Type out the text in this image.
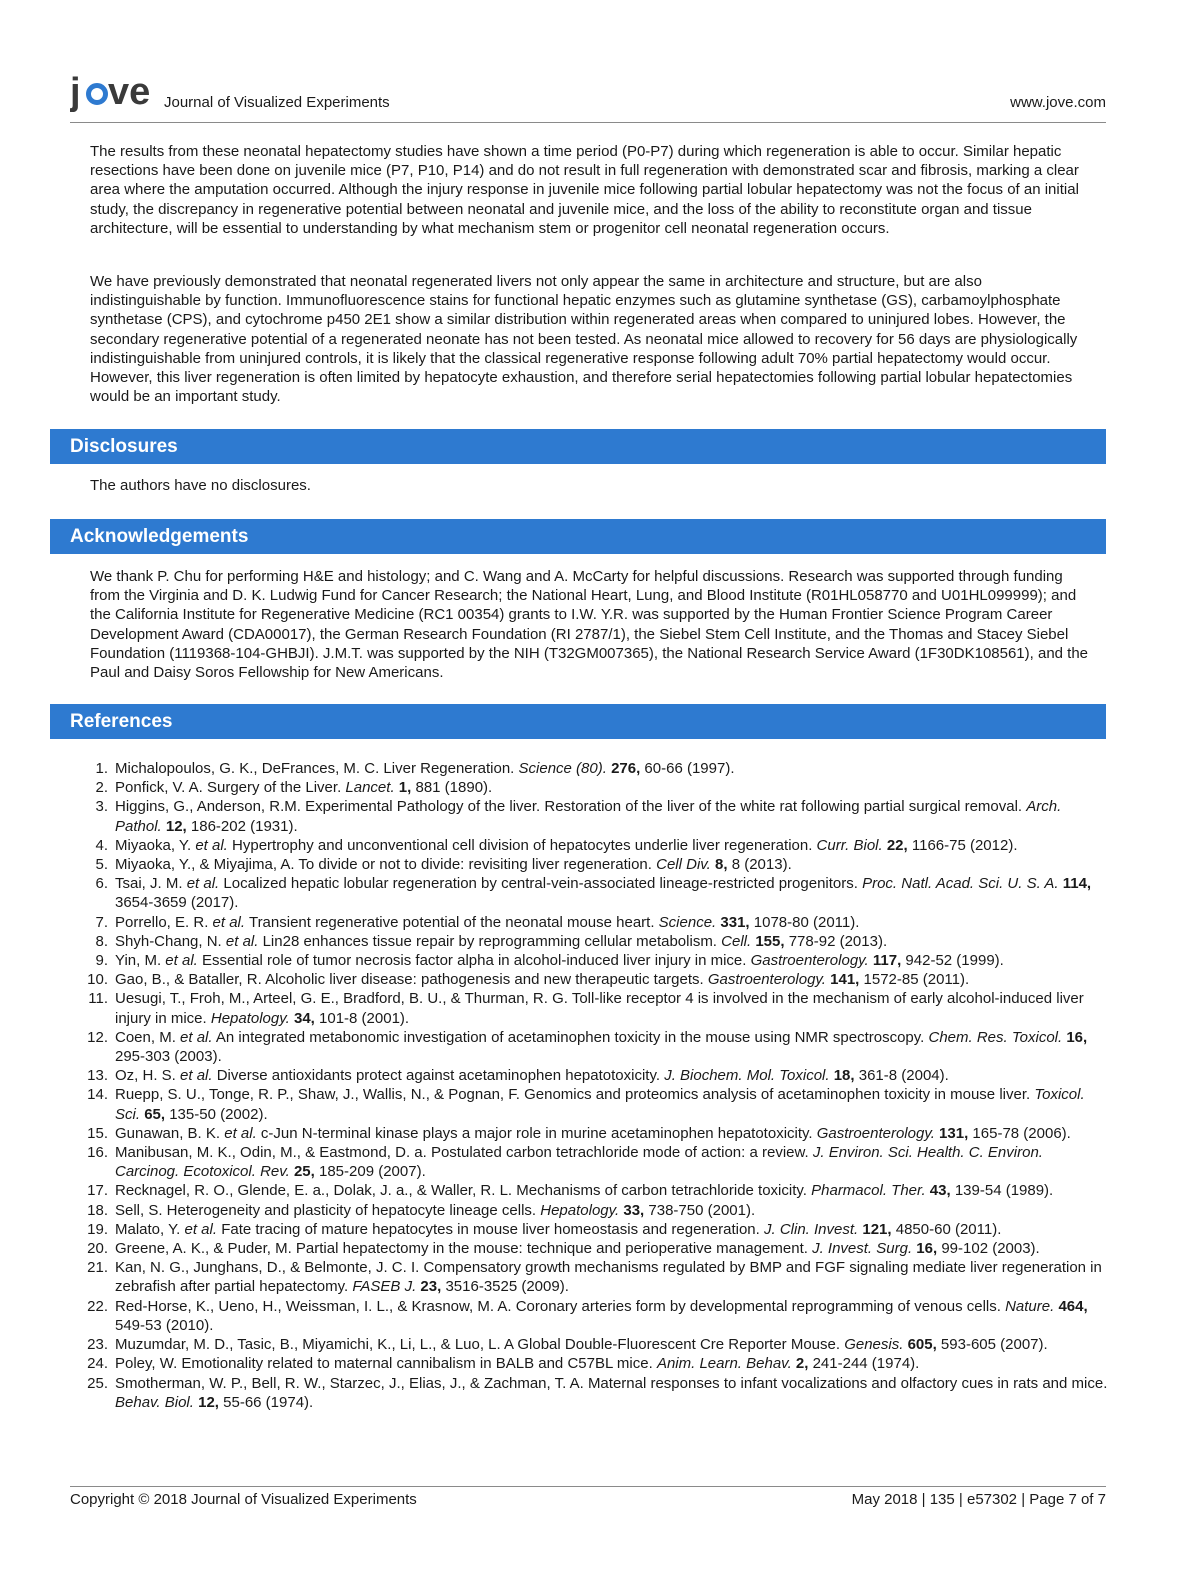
j ve Journal of Visualized Experiments	www.jove.com

The results from these neonatal hepatectomy studies have shown a time period (P0-P7) during which regeneration is able to occur. Similar hepatic resections have been done on juvenile mice (P7, P10, P14) and do not result in full regeneration with demonstrated scar and fibrosis, marking a clear area where the amputation occurred. Although the injury response in juvenile mice following partial lobular hepatectomy was not the focus of an initial study, the discrepancy in regenerative potential between neonatal and juvenile mice, and the loss of the ability to reconstitute organ and tissue architecture, will be essential to understanding by what mechanism stem or progenitor cell neonatal regeneration occurs.

We have previously demonstrated that neonatal regenerated livers not only appear the same in architecture and structure, but are also indistinguishable by function. Immunofluorescence stains for functional hepatic enzymes such as glutamine synthetase (GS), carbamoylphosphate synthetase (CPS), and cytochrome p450 2E1 show a similar distribution within regenerated areas when compared to uninjured lobes. However, the secondary regenerative potential of a regenerated neonate has not been tested. As neonatal mice allowed to recovery for 56 days are physiologically indistinguishable from uninjured controls, it is likely that the classical regenerative response following adult 70% partial hepatectomy would occur. However, this liver regeneration is often limited by hepatocyte exhaustion, and therefore serial hepatectomies following partial lobular hepatectomies would be an important study.

Disclosures

The authors have no disclosures.

Acknowledgements

We thank P. Chu for performing H&E and histology; and C. Wang and A. McCarty for helpful discussions. Research was supported through funding from the Virginia and D. K. Ludwig Fund for Cancer Research; the National Heart, Lung, and Blood Institute (R01HL058770 and U01HL099999); and the California Institute for Regenerative Medicine (RC1 00354) grants to I.W. Y.R. was supported by the Human Frontier Science Program Career Development Award (CDA00017), the German Research Foundation (RI 2787/1), the Siebel Stem Cell Institute, and the Thomas and Stacey Siebel Foundation (1119368-104-GHBJI). J.M.T. was supported by the NIH (T32GM007365), the National Research Service Award (1F30DK108561), and the Paul and Daisy Soros Fellowship for New Americans.

References
1. Michalopoulos, G. K., DeFrances, M. C. Liver Regeneration. Science (80). 276, 60-66 (1997).
2. Ponfick, V. A. Surgery of the Liver. Lancet. 1, 881 (1890).
3. Higgins, G., Anderson, R.M. Experimental Pathology of the liver. Restoration of the liver of the white rat following partial surgical removal. Arch. Pathol. 12, 186-202 (1931).
4. Miyaoka, Y. et al. Hypertrophy and unconventional cell division of hepatocytes underlie liver regeneration. Curr. Biol. 22, 1166-75 (2012).
5. Miyaoka, Y., & Miyajima, A. To divide or not to divide: revisiting liver regeneration. Cell Div. 8, 8 (2013).
6. Tsai, J. M. et al. Localized hepatic lobular regeneration by central-vein-associated lineage-restricted progenitors. Proc. Natl. Acad. Sci. U. S. A. 114, 3654-3659 (2017).
7. Porrello, E. R. et al. Transient regenerative potential of the neonatal mouse heart. Science. 331, 1078-80 (2011).
8. Shyh-Chang, N. et al. Lin28 enhances tissue repair by reprogramming cellular metabolism. Cell. 155, 778-92 (2013).
9. Yin, M. et al. Essential role of tumor necrosis factor alpha in alcohol-induced liver injury in mice. Gastroenterology. 117, 942-52 (1999).
10. Gao, B., & Bataller, R. Alcoholic liver disease: pathogenesis and new therapeutic targets. Gastroenterology. 141, 1572-85 (2011).
11. Uesugi, T., Froh, M., Arteel, G. E., Bradford, B. U., & Thurman, R. G. Toll-like receptor 4 is involved in the mechanism of early alcohol-induced liver injury in mice. Hepatology. 34, 101-8 (2001).
12. Coen, M. et al. An integrated metabonomic investigation of acetaminophen toxicity in the mouse using NMR spectroscopy. Chem. Res. Toxicol. 16, 295-303 (2003).
13. Oz, H. S. et al. Diverse antioxidants protect against acetaminophen hepatotoxicity. J. Biochem. Mol. Toxicol. 18, 361-8 (2004).
14. Ruepp, S. U., Tonge, R. P., Shaw, J., Wallis, N., & Pognan, F. Genomics and proteomics analysis of acetaminophen toxicity in mouse liver. Toxicol. Sci. 65, 135-50 (2002).
15. Gunawan, B. K. et al. c-Jun N-terminal kinase plays a major role in murine acetaminophen hepatotoxicity. Gastroenterology. 131, 165-78 (2006).
16. Manibusan, M. K., Odin, M., & Eastmond, D. a. Postulated carbon tetrachloride mode of action: a review. J. Environ. Sci. Health. C. Environ. Carcinog. Ecotoxicol. Rev. 25, 185-209 (2007).
17. Recknagel, R. O., Glende, E. a., Dolak, J. a., & Waller, R. L. Mechanisms of carbon tetrachloride toxicity. Pharmacol. Ther. 43, 139-54 (1989).
18. Sell, S. Heterogeneity and plasticity of hepatocyte lineage cells. Hepatology. 33, 738-750 (2001).
19. Malato, Y. et al. Fate tracing of mature hepatocytes in mouse liver homeostasis and regeneration. J. Clin. Invest. 121, 4850-60 (2011).
20. Greene, A. K., & Puder, M. Partial hepatectomy in the mouse: technique and perioperative management. J. Invest. Surg. 16, 99-102 (2003).
21. Kan, N. G., Junghans, D., & Belmonte, J. C. I. Compensatory growth mechanisms regulated by BMP and FGF signaling mediate liver regeneration in zebrafish after partial hepatectomy. FASEB J. 23, 3516-3525 (2009).
22. Red-Horse, K., Ueno, H., Weissman, I. L., & Krasnow, M. A. Coronary arteries form by developmental reprogramming of venous cells. Nature. 464, 549-53 (2010).
23. Muzumdar, M. D., Tasic, B., Miyamichi, K., Li, L., & Luo, L. A Global Double-Fluorescent Cre Reporter Mouse. Genesis. 605, 593-605 (2007).
24. Poley, W. Emotionality related to maternal cannibalism in BALB and C57BL mice. Anim. Learn. Behav. 2, 241-244 (1974).
25. Smotherman, W. P., Bell, R. W., Starzec, J., Elias, J., & Zachman, T. A. Maternal responses to infant vocalizations and olfactory cues in rats and mice. Behav. Biol. 12, 55-66 (1974).
Copyright © 2018 Journal of Visualized Experiments	May 2018 | 135 | e57302 | Page 7 of 7
